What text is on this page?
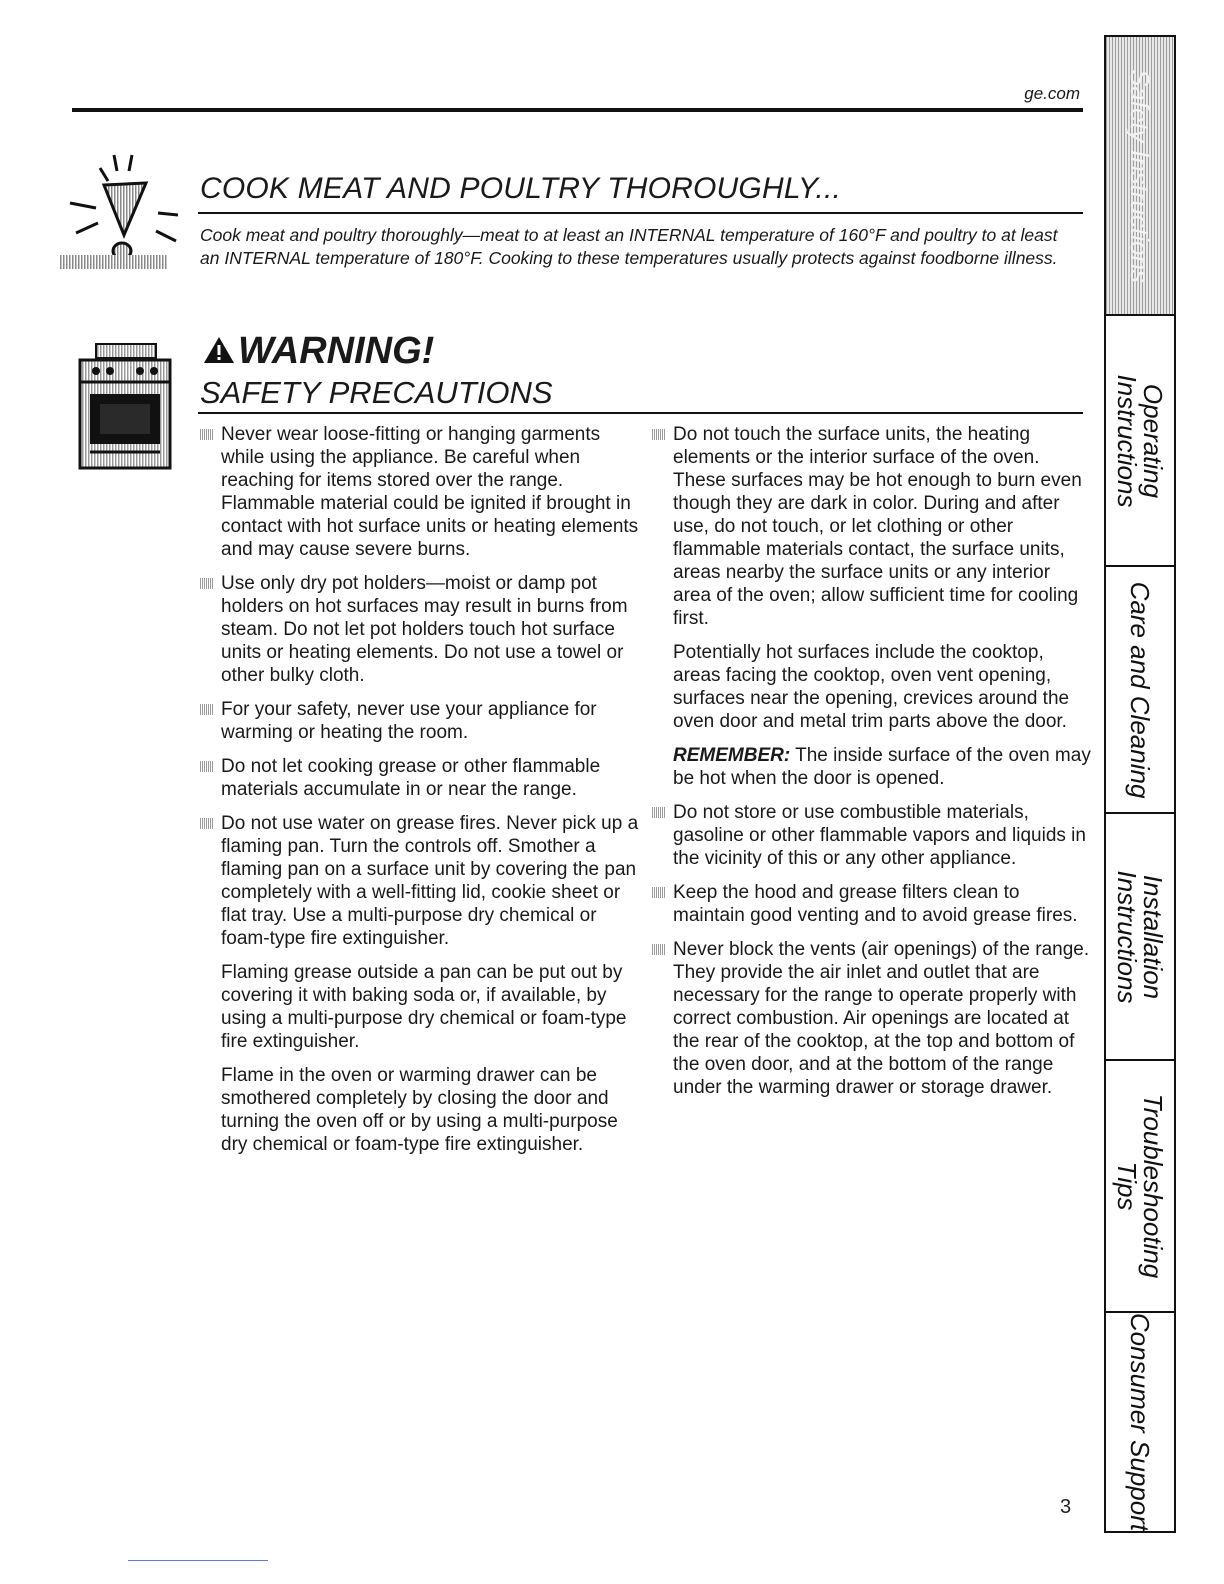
ge.com
COOK MEAT AND POULTRY THOROUGHLY...
Cook meat and poultry thoroughly—meat to at least an INTERNAL temperature of 160°F and poultry to at least an INTERNAL temperature of 180°F. Cooking to these temperatures usually protects against foodborne illness.
WARNING!
SAFETY PRECAUTIONS
Never wear loose-fitting or hanging garments while using the appliance. Be careful when reaching for items stored over the range. Flammable material could be ignited if brought in contact with hot surface units or heating elements and may cause severe burns.
Use only dry pot holders—moist or damp pot holders on hot surfaces may result in burns from steam. Do not let pot holders touch hot surface units or heating elements. Do not use a towel or other bulky cloth.
For your safety, never use your appliance for warming or heating the room.
Do not let cooking grease or other flammable materials accumulate in or near the range.
Do not use water on grease fires. Never pick up a flaming pan. Turn the controls off. Smother a flaming pan on a surface unit by covering the pan completely with a well-fitting lid, cookie sheet or flat tray. Use a multi-purpose dry chemical or foam-type fire extinguisher.
Flaming grease outside a pan can be put out by covering it with baking soda or, if available, by using a multi-purpose dry chemical or foam-type fire extinguisher.
Flame in the oven or warming drawer can be smothered completely by closing the door and turning the oven off or by using a multi-purpose dry chemical or foam-type fire extinguisher.
Do not touch the surface units, the heating elements or the interior surface of the oven. These surfaces may be hot enough to burn even though they are dark in color. During and after use, do not touch, or let clothing or other flammable materials contact, the surface units, areas nearby the surface units or any interior area of the oven; allow sufficient time for cooling first.
Potentially hot surfaces include the cooktop, areas facing the cooktop, oven vent opening, surfaces near the opening, crevices around the oven door and metal trim parts above the door.
REMEMBER: The inside surface of the oven may be hot when the door is opened.
Do not store or use combustible materials, gasoline or other flammable vapors and liquids in the vicinity of this or any other appliance.
Keep the hood and grease filters clean to maintain good venting and to avoid grease fires.
Never block the vents (air openings) of the range. They provide the air inlet and outlet that are necessary for the range to operate properly with correct combustion. Air openings are located at the rear of the cooktop, at the top and bottom of the oven door, and at the bottom of the range under the warming drawer or storage drawer.
Safety Instructions
Operating
Instructions
Care and Cleaning
Installation
Instructions
Troubleshooting
Tips
Consumer Support
3
